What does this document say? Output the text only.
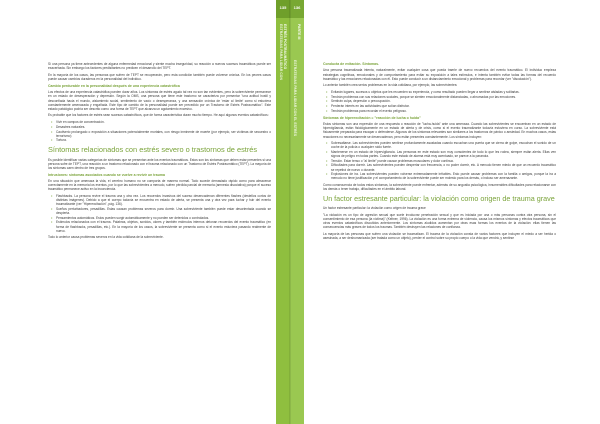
Sí una persona ya tiene antecedentes de alguna enfermedad emocional y siente mucha inseguridad, su reacción a nuevos sucesos traumáticos puede ser exacerbada. Sin embargo los factores predisitantes no predicen el desarrollo del TEPT.

En la mayoría de los casos, las personas que sufren de TEPT se recuperarán, pero esta condición también puede volverse crónica. En los peores casos puede causar cambios duraderos en la personalidad del individuo.

Cambio perdurable en la personalidad después de una experiencia catastrófica

Los efectos de una experiencia catastrófica pueden durar años. Los síntomas de estrés agudo tal vez no son tan evidentes, pero la sobreviviente permanece en un estado de desesperación y depresión. Según la OMS, una persona que tiene este trastorno se caracteriza por presentar "una actitud hostil y desconfiada hacia el mundo, aislamiento social, sentimiento de vacío o desesperanza, y una sensación crónica de 'estar al límite' como si estuviera constantemente amenazada y engañada. Este tipo de cambio de la personalidad puede ser precedido por un Trastorno de Estrés Postraumático". Este estado patológico podría ser descrito como una forma de TEPT que alcanza un agotamiento excesivo.

Es probable que los factores de estrés sean sucesos catastróficos, que de forma característica duran mucho tiempo. He aquí algunos eventos catastróficos:

• Vivir en campos de concentración.
• Desastres naturales.
• Cautiverio prolongado o exposición a situaciones potencialmente mortales, con riesgo inminente de muerte (por ejemplo, ser víctimas de secuestro o terrorismo)
• Tortura.
Síntomas relacionados con estrés severo o trastornos de estrés

Es posible identificar varias categorías de síntomas que se presentan ante los eventos traumáticos. Estos son los síntomas que deben estar presentes si una persona sufre de TEPT, una reacción a un trastorno relacionado con el trauma relacionado con un Trastorno de Estrés Postraumático (TEPT). La mayoría de los síntomas caen dentro de tres grupos.

Intrusiones: síntomas asociados cuando se vuelve a revivir un trauma

En una situación que amenaza la vida, el cerebro humano no se comporta de manera normal. Todo sucede demasiado rápido como para almacenar correctamente en la memoria los eventos, por lo que las sobrevivientes a menudo, sufren pérdida parcial de memoria (amnesia disociativa) porque el suceso traumático permanece activo en la inconciencia.

• Flashbacks. La persona revive el trauma una y otra vez. Los recuerdos invasivos del suceso desencadenan diferentes flashes (destellos cortos de distintas imágenes). Debido a que el cuerpo todavía se encuentra en estado de alerta, se presenta una y otra vez para luchar y huir del evento traumatizante (ver "Hiperexcitación", pág. 136).
• Sueños perturbadores, pesadillas. Estas causan problemas severos para dormir. Una sobreviviente también puede estar desorientada cuando se despierta.
• Pensamientos automáticos. Estos pueden surgir automáticamente y no pueden ser detenidos o controlados.
• Estímulos relacionados con el trauma. Palabras, objetos, sonidos, olores y también estímulos internos detonan recuerdos del evento traumático (en forma de flashbacks, pesadillas, etc.). En la mayoría de los casos, la sobreviviente se presenta como si el evento estuviera pasando realmente de nuevo.

Todo lo anterior causa problemas severos en la vida cotidiana de la sobreviviente.

135	136
ESTRÉS POSTRAUMÁTICO
ESTRATEGIAS PARA LIDIAR CON	PARTE III
ESTRATEGIAS PARA LIDIAR CON EL ESTRÉS	Conducta de evitación. Síntomas.

Una persona traumatizada intenta, naturalmente, evitar cualquier cosa que pueda traerle de nuevo recuerdos del evento traumático. El individuo empieza estrategias cognitivas, emocionales y de comportamiento para evitar su exposición a tales estímulos, e intenta también evitar todas las formas del recuerdo traumático y las emociones relacionadas con él. Esto puede conducir a un distanciamiento emocional y problemas para recordar (ver "disociación").

Lo anterior también crea serios problemas en la vida cotidiana, por ejemplo, las sobrevivientes:

• Evitarán lugares, sucesos u objetos que les recuerden su experiencia, y como resultado pueden llegar a sentirse aisladas y solitarias.
• Tendrán problemas con sus relaciones sociales, porque se sienten emocionalmente distanciadas, o abrumadas por las emociones.
• Sentirán culpa, depresión o preocupación.
• Perderán interés en las actividades que solían disfrutar.
• Tendrán problemas para recordar el evento peligroso.
Síntomas de hiperexcitación = "reacción de lucha o huida"

Estos síntomas son una expresión de una respuesta o reacción de "lucha-huida" ante una amenaza. Cuando las sobrevivientes se encuentran en un estado de hipervigilancia, están fisiológicamente en un estado de alerta y de crisis, como si el evento traumatizante todavía estuviera en curso. La sobreviviente está físicamente preparada para escapar o defenderse. Algunos de los síntomas relevantes son similares a los trastornos de pánico o ansiedad. En muchos casos, estas reacciones no necesariamente se desencadenan, pero están presentes constantemente. Los síntomas incluyen:

• Sobresaltarse. Las sobrevivientes pueden sentirse profundamente asustadas cuando escuchan una puerta que se cierra de golpe, escuchan el sonido de un coche de la policía o cualquier ruido fuerte.
• Mantenerse en un estado de hipervigilancia. Las personas en este estado son muy conscientes de todo lo que les rodea, siempre están alerta. Ellas ven signos de peligro en todas partes. Cuando este estado de alarma está muy acentuado, se parece a la paranoia.
• Tensión. Estar tenso o "al límite" puede causar problemas musculares y dolor continuo.
• Dificultades para dormir. Las sobrevivientes pueden despertar con frecuencia, o no poder dormir, etc. A menudo tienen miedo de que un recuerdo traumático se repetirá de nuevo o durante.
• Explosiones de ira. Las sobrevivientes pueden volverse extremadamente irritables. Esto puede causar problemas con la familia o amigos, porque la ira a menudo no tiene justificación y el comportamiento de la sobreviviente puede ser molesto para los demás, o incluso ser amenazante.

Como consecuencia de todos estos síntomas, la sobreviviente puede enfrentar, además de su angustia psicológica, innumerables dificultades para relacionarse con los demás o tener trabajo, dificultades en el ámbito laboral.

Un factor estresante particular: la violación como origen de trauma grave

Un factor estresante particular: la violación como origen de trauma grave

"La violación es un tipo de agresión sexual que suele involucrar penetración sexual y que es iniciada por una o más personas contra otra persona, sin el consentimiento de esa persona (la víctima)" (Keltner, 1996). La violación es una forma extrema de violencia, causa los mismos síntomas y efectos traumáticos que otros eventos catastróficos discutidos anteriormente. Los síntomas aludidos aumentan por otras esas formas los eventos de la violación: ellas tienen las consecuencias más graves de todos los traumas. También destruyen las relaciones de confianza.

La mayoría de las personas que sufren una violación se traumatizan. El trauma de la violación consta de varios factores que incluyen el miedo a ser herida o asesinada, a ser deshumanizada (ser tratada como un objeto), perder el control sobre su propio cuerpo o la vida que vendrá, y sentirse
